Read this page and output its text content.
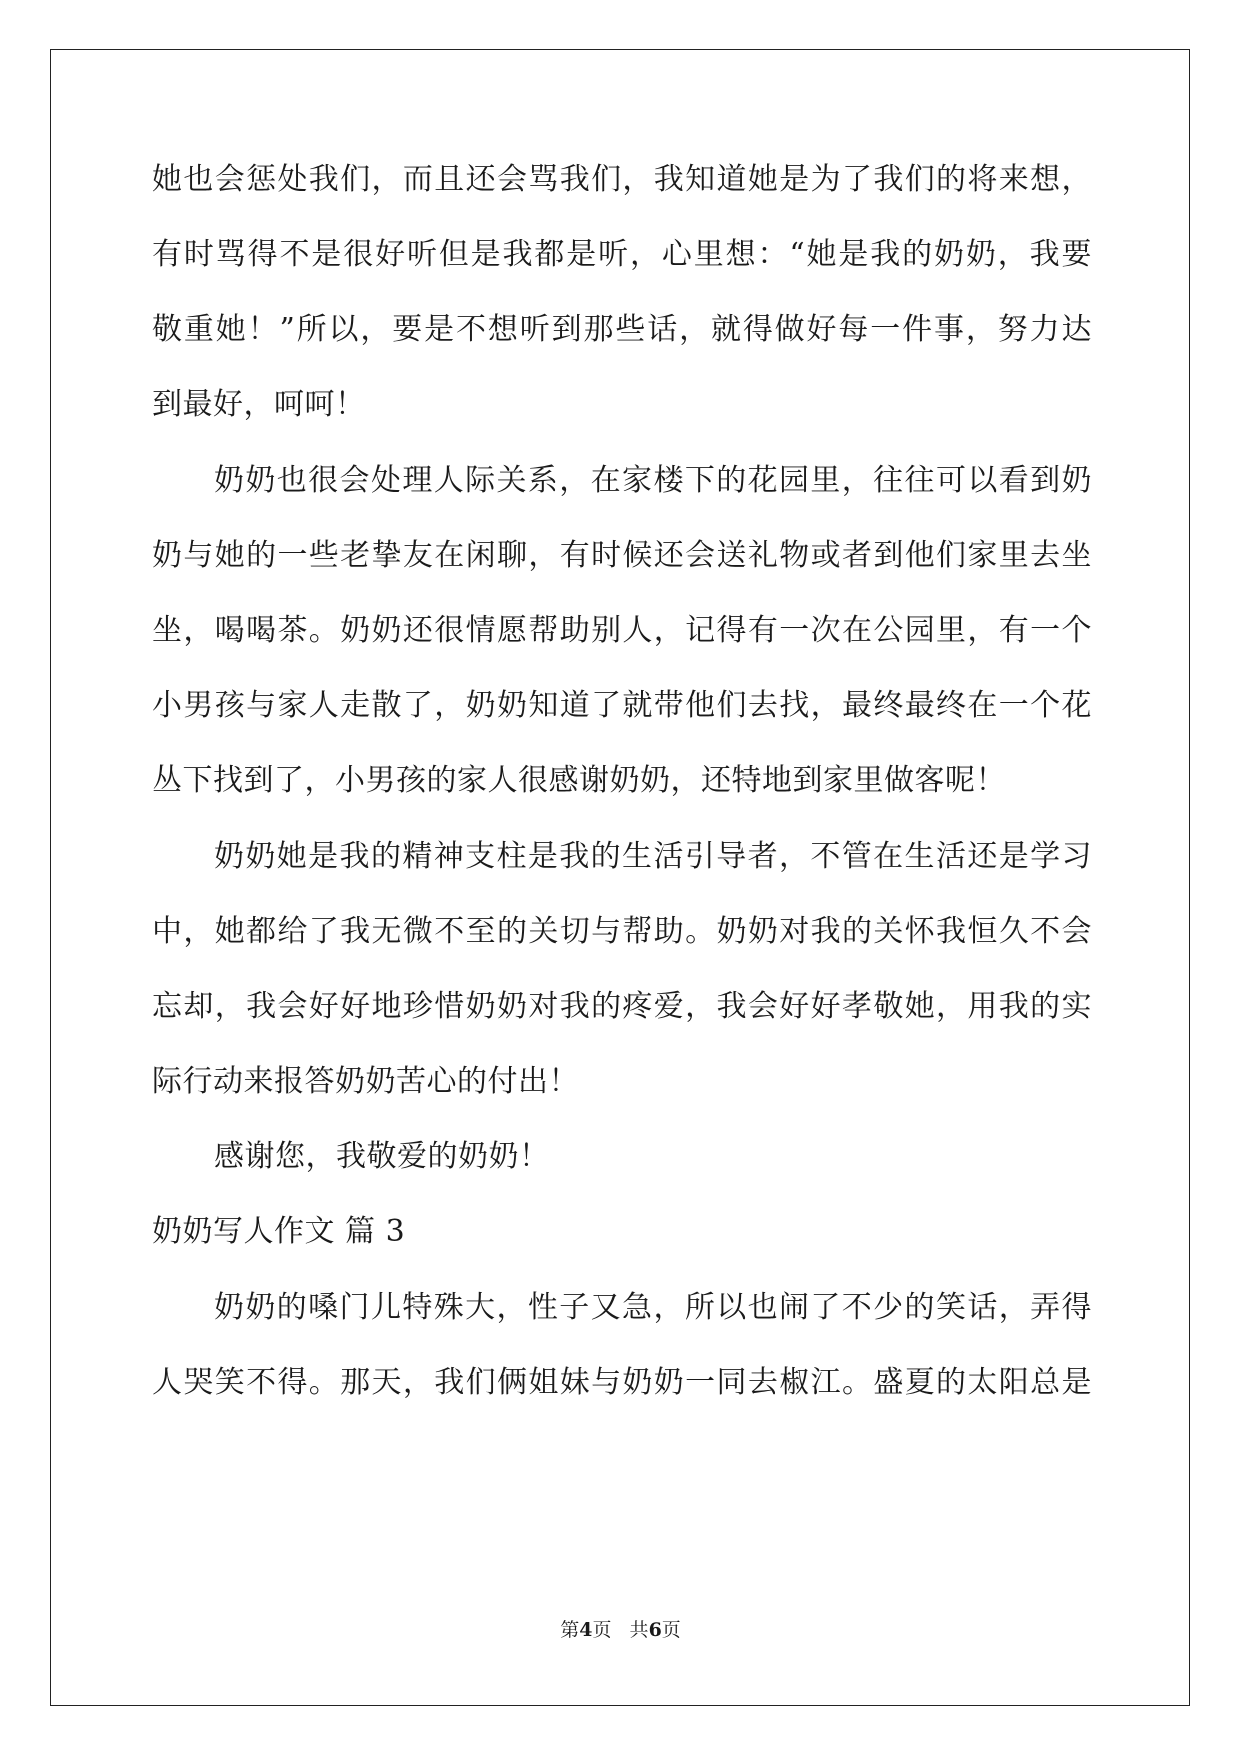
她也会惩处我们，而且还会骂我们，我知道她是为了我们的将来想，
有时骂得不是很好听但是我都是听，心里想：“她是我的奶奶，我要
敬重她！”所以，要是不想听到那些话，就得做好每一件事，努力达
到最好，呵呵！
奶奶也很会处理人际关系，在家楼下的花园里，往往可以看到奶
奶与她的一些老挚友在闲聊，有时候还会送礼物或者到他们家里去坐
坐，喝喝茶。奶奶还很情愿帮助别人，记得有一次在公园里，有一个
小男孩与家人走散了，奶奶知道了就带他们去找，最终最终在一个花
丛下找到了，小男孩的家人很感谢奶奶，还特地到家里做客呢！
奶奶她是我的精神支柱是我的生活引导者，不管在生活还是学习
中，她都给了我无微不至的关切与帮助。奶奶对我的关怀我恒久不会
忘却，我会好好地珍惜奶奶对我的疼爱，我会好好孝敬她，用我的实
际行动来报答奶奶苦心的付出！
感谢您，我敬爱的奶奶！
奶奶写人作文 篇 3
奶奶的嗓门儿特殊大，性子又急，所以也闹了不少的笑话，弄得
人哭笑不得。那天，我们俩姐妹与奶奶一同去椒江。盛夏的太阳总是
第4页   共6页
